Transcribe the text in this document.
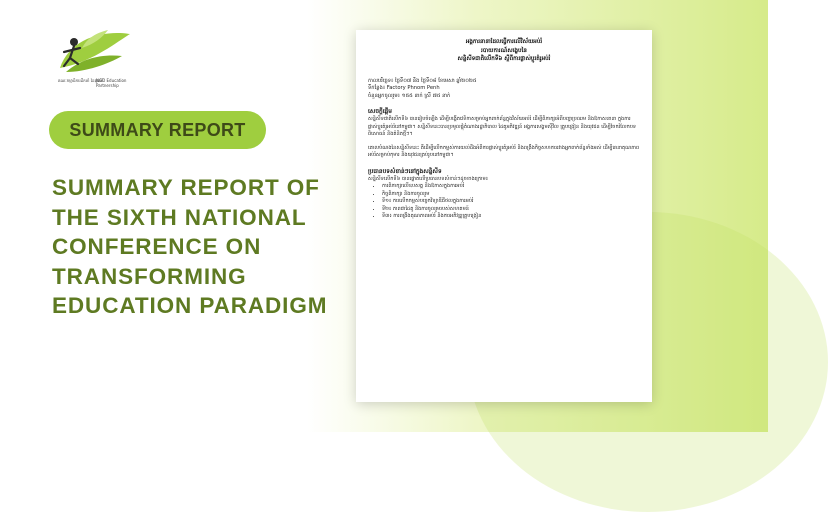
គណៈកម្មាធិការដឹកនាំ ដៃគូអប់រំ
NGO Education Partnership
SUMMARY REPORT
SUMMARY REPORT OF
THE SIXTH NATIONAL
CONFERENCE ON
TRANSFORMING
EDUCATION PARADIGM
អង្គការនានាដែលធ្វើការលើវិស័យអប់រំ
របាយការណ៍សង្ខេបនៃ
សន្និសីទជាតិលើកទី៦ ស្តីពីការផ្លាស់ប្តូរគំរូអប់រំ
កាលបរិច្ឆេទ៖ ថ្ងៃទី០៧ និង ថ្ងៃទី០៨ ខែមេសា ឆ្នាំ២០២៥
ទីកន្លែង៖ Factory Phnom Penh
ចំនួនអ្នកចូលរួម៖ ១៥៥ នាក់ ស្រី ៧៥ នាក់
សេចក្តីផ្តើម

សន្និសីទជាតិលើកទី៦ បានរៀបចំឡើង ដើម្បីបង្កើតវេទិកាសម្រាប់អ្នកពាក់ព័ន្ធក្នុងវិស័យអប់រំ ដើម្បីពិភាក្សាអំពីបញ្ហាប្រឈម និងឱកាសនានា ក្នុងការផ្លាស់ប្តូរគំរូអប់រំនៅកម្ពុជា។ សន្និសីទនេះបានប្រមូលផ្តុំតំណាងរដ្ឋាភិបាល ដៃគូអភិវឌ្ឍន៍ អង្គការសង្គមស៊ីវិល គ្រូបង្រៀន និងយុវជន ដើម្បីចែករំលែកបទពិសោធន៍ និងគំនិតថ្មីៗ។

គោលបំណងនៃសន្និសីទនេះ គឺដើម្បីលើកកម្ពស់ការយល់ដឹងអំពីការផ្លាស់ប្តូរគំរូអប់រំ និងពង្រឹងកិច្ចសហការរវាងអ្នកពាក់ព័ន្ធទាំងអស់ ដើម្បីធានាគុណភាពអប់រំសម្រាប់កុមារ និងយុវជនគ្រប់រូបនៅកម្ពុជា។

ប្រធានបទសំខាន់ៗនៅក្នុងសន្និសីទ

សន្និសីទលើកទី៦ បានផ្តោតលើប្រធានបទសំខាន់ៗដូចខាងក្រោម៖

• ការពិភាក្សាលើឧបសគ្គ និងឱកាសក្នុងការអប់រំ
• កិច្ចពិភាក្សា និងការចូលរួម
• ទី១៖ ការលើកកម្ពស់បច្ចេកវិទ្យាឌីជីថលក្នុងការអប់រំ
• ទី២៖ ភាពជាដៃគូ និងការចូលរួមរបស់សហគមន៍
• ទី៣៖ ការពង្រឹងគុណភាពអប់រំ និងការអភិវឌ្ឍគ្រូបង្រៀន
